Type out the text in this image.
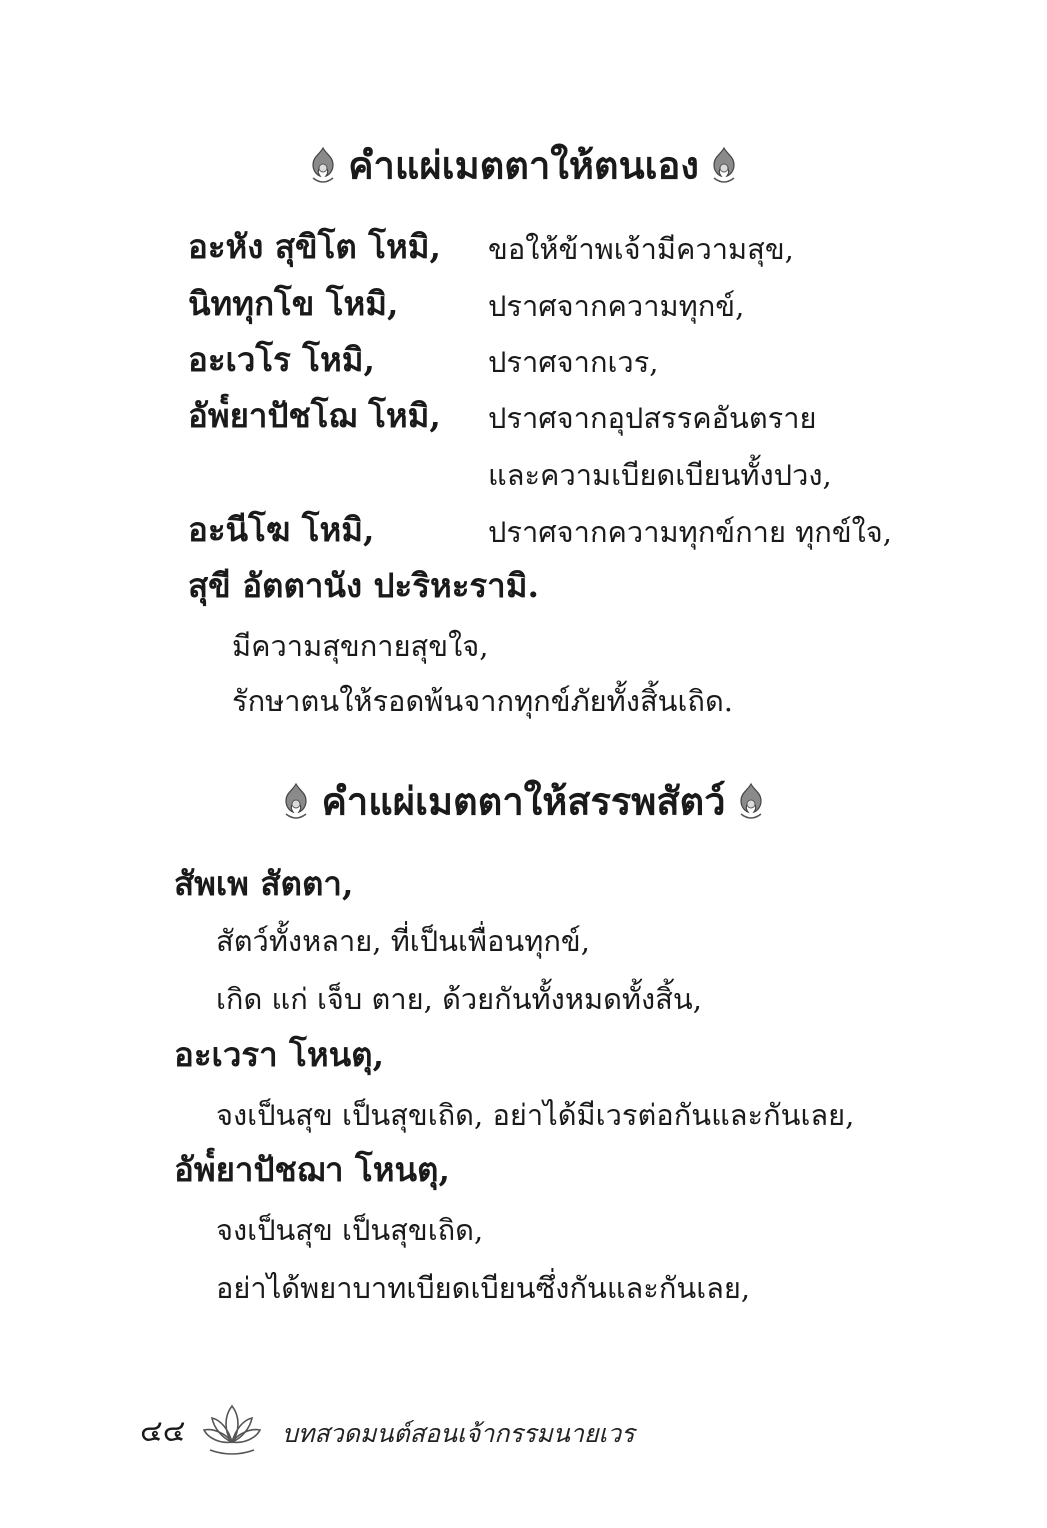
คำแผ่เมตตาให้ตนเอง
อะหัง สุขิโต โหมิ, ขอให้ข้าพเจ้ามีความสุข,
นิททุกโข โหมิ,	ปราศจากความทุกข์,
อะเวโร โหมิ,	ปราศจากเวร,
อัพ๎ยาปัชโฌ โหมิ, ปราศจากอุปสรรคอันตราย
และความเบียดเบียนทั้งปวง,
อะนีโฆ โหมิ,	ปราศจากความทุกข์กาย ทุกข์ใจ,
สุขี อัตตานัง ปะริหะรามิ.
มีความสุขกายสุขใจ,
รักษาตนให้รอดพ้นจากทุกข์ภัยทั้งสิ้นเถิด.
คำแผ่เมตตาให้สรรพสัตว์
สัพเพ สัตตา,
สัตว์ทั้งหลาย, ที่เป็นเพื่อนทุกข์,
เกิด แก่ เจ็บ ตาย, ด้วยกันทั้งหมดทั้งสิ้น,
อะเวรา โหนตุ,
จงเป็นสุข เป็นสุขเถิด, อย่าได้มีเวรต่อกันและกันเลย,
อัพ๎ยาปัชฌา โหนตุ,
จงเป็นสุข เป็นสุขเถิด,
อย่าได้พยาบาทเบียดเบียนซึ่งกันและกันเลย,
๔๔	บทสวดมนต์สอนเจ้ากรรมนายเวร
